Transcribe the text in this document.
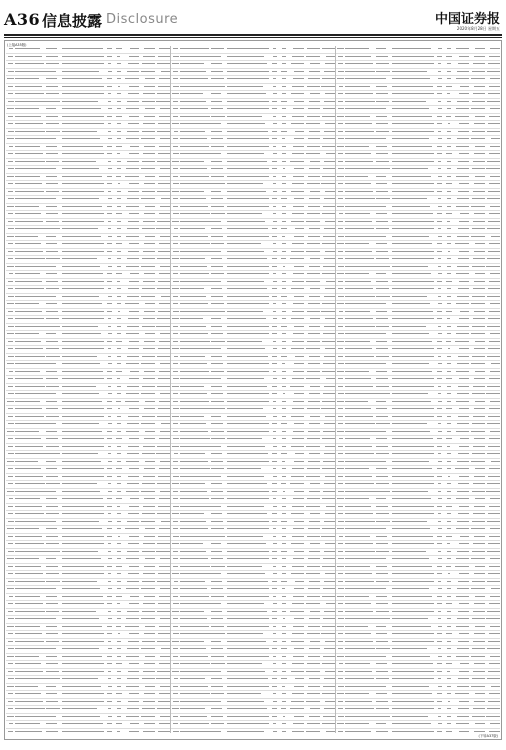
A36 信息披露 Disclosure	中国证券报
2020年8月28日 星期五
(上接A35版)
(下转A37版)
